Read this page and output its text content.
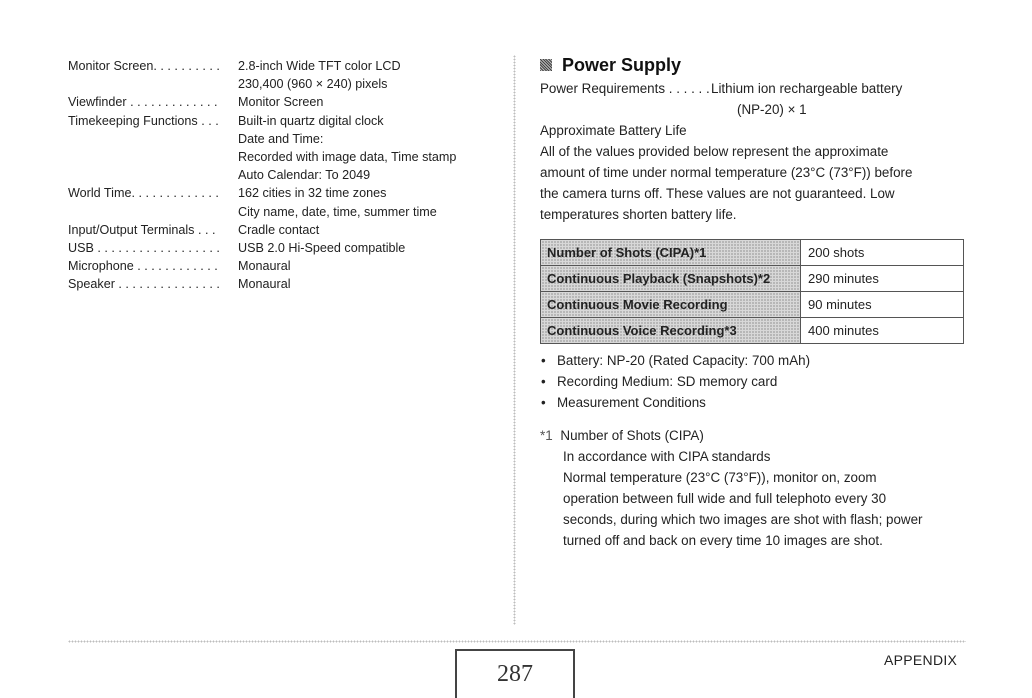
Monitor Screen. . . . . . . . . . 2.8-inch Wide TFT color LCD
230,400 (960 × 240) pixels
Viewfinder . . . . . . . . . . . . . Monitor Screen
Timekeeping Functions . . . Built-in quartz digital clock
Date and Time:
Recorded with image data, Time stamp
Auto Calendar: To 2049
World Time. . . . . . . . . . . . . 162 cities in 32 time zones
City name, date, time, summer time
Input/Output Terminals . . . Cradle contact
USB . . . . . . . . . . . . . . . . . . USB 2.0 Hi-Speed compatible
Microphone . . . . . . . . . . . . Monaural
Speaker . . . . . . . . . . . . . . . Monaural
Power Supply
Power Requirements . . . . . . Lithium ion rechargeable battery
(NP-20) × 1
Approximate Battery Life
All of the values provided below represent the approximate
amount of time under normal temperature (23°C (73°F)) before
the camera turns off. These values are not guaranteed. Low
temperatures shorten battery life.
Number of Shots (CIPA)*1	200 shots
Continuous Playback (Snapshots)*2	290 minutes
Continuous Movie Recording	90 minutes
Continuous Voice Recording*3	400 minutes
• Battery: NP-20 (Rated Capacity: 700 mAh)
• Recording Medium: SD memory card
• Measurement Conditions
*1 Number of Shots (CIPA)
In accordance with CIPA standards
Normal temperature (23°C (73°F)), monitor on, zoom
operation between full wide and full telephoto every 30
seconds, during which two images are shot with flash; power
turned off and back on every time 10 images are shot.
287
APPENDIX
